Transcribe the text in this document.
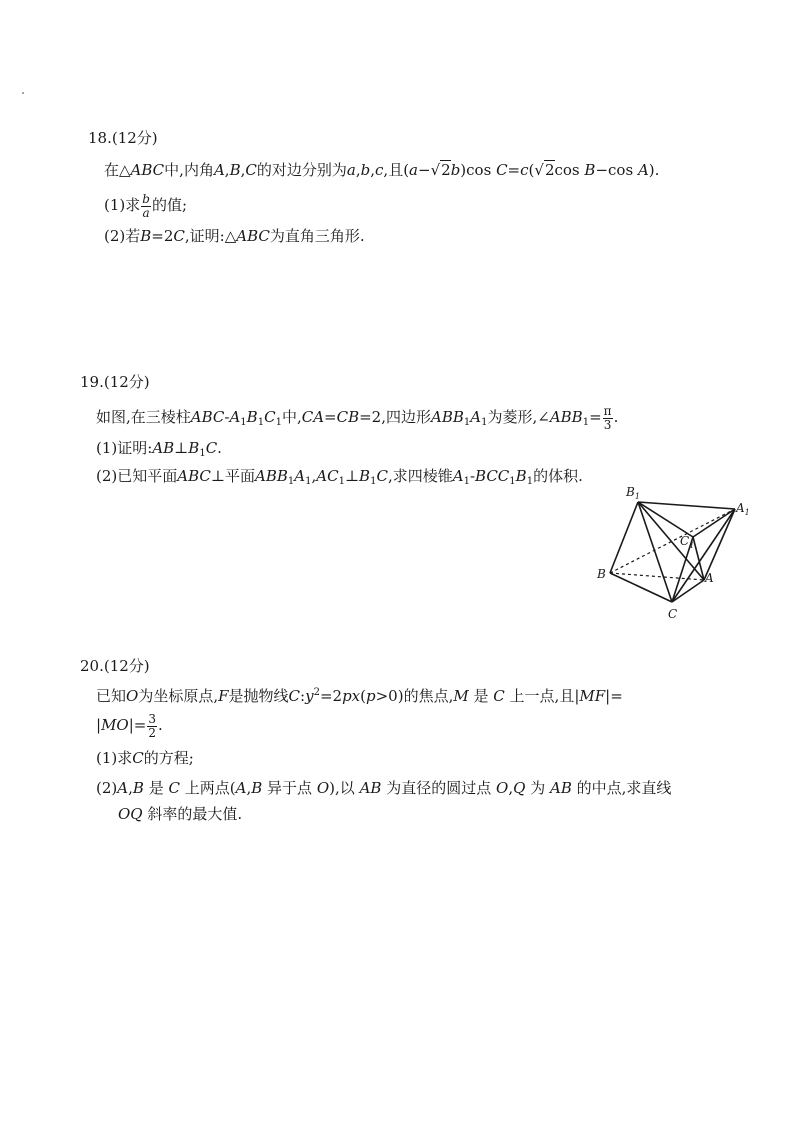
18.(12分)
在△ABC中,内角A,B,C的对边分别为a,b,c,且(a−√2b)cos C=c(√2cos B−cos A).
(1)求 $\frac{b}{a}$ 的值;
(2)若B=2C,证明:△ABC为直角三角形.
19.(12分)
如图,在三棱柱ABC-$A_1B_1C_1$中,CA=CB=2,四边形$ABB_1A_1$为菱形$,\angle ABB_1= \frac{\pi}{3}$ .
(1)证明$:AB\perp B_1C$.
(2)已知平面ABC⊥平面$ABB_1A_1,AC_1\perp B_1C$,求四棱锥$A_1-BCC_1B_1$的体积.
$B_1$
$A_1$
$C_1$
B	A
C
20.(12分)
已知O为坐标原点,F是抛物线$C:y^2=2px(p>0)$的焦点,M 是 C 上一点,且|MF|=
$|MO|= \frac{3}{2}$ .
(1)求C的方程;
(2)A,B 是 C 上两点(A,B 异于点 O),以 AB 为直径的圆过点 O,Q 为 AB 的中点,求直线
OQ 斜率的最大值.
